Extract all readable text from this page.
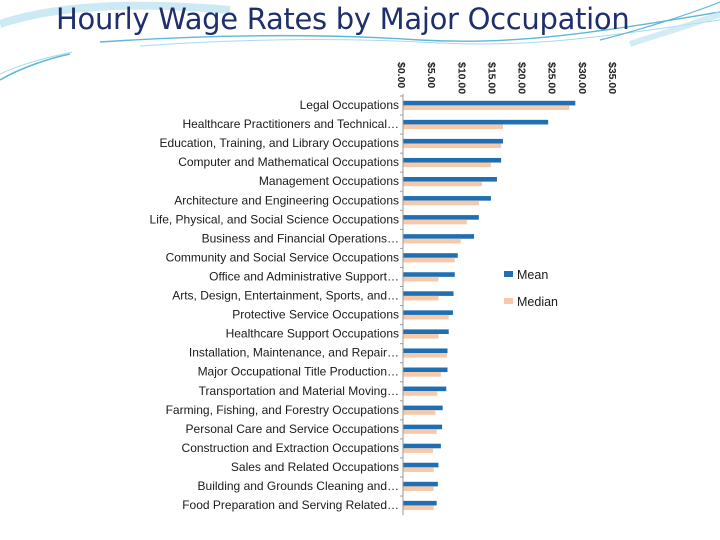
Hourly Wage Rates by Major Occupation
$0.00 $5.00 $10.00 $15.00 $20.00 $25.00 $30.00 $35.00
Legal Occupations
Healthcare Practitioners and Technical…
Education, Training, and Library Occupations
Computer and Mathematical Occupations
Management Occupations
Architecture and Engineering Occupations
Life, Physical, and Social Science Occupations
Business and Financial Operations…
Community and Social Service Occupations
Office and Administrative Support…
Arts, Design, Entertainment, Sports, and…
Protective Service Occupations
Healthcare Support Occupations
Installation, Maintenance, and Repair…
Major Occupational Title Production…
Transportation and Material Moving…
Farming, Fishing, and Forestry Occupations
Personal Care and Service Occupations
Construction and Extraction Occupations
Sales and Related Occupations
Building and Grounds Cleaning and…
Food Preparation and Serving Related…
Mean
Median
